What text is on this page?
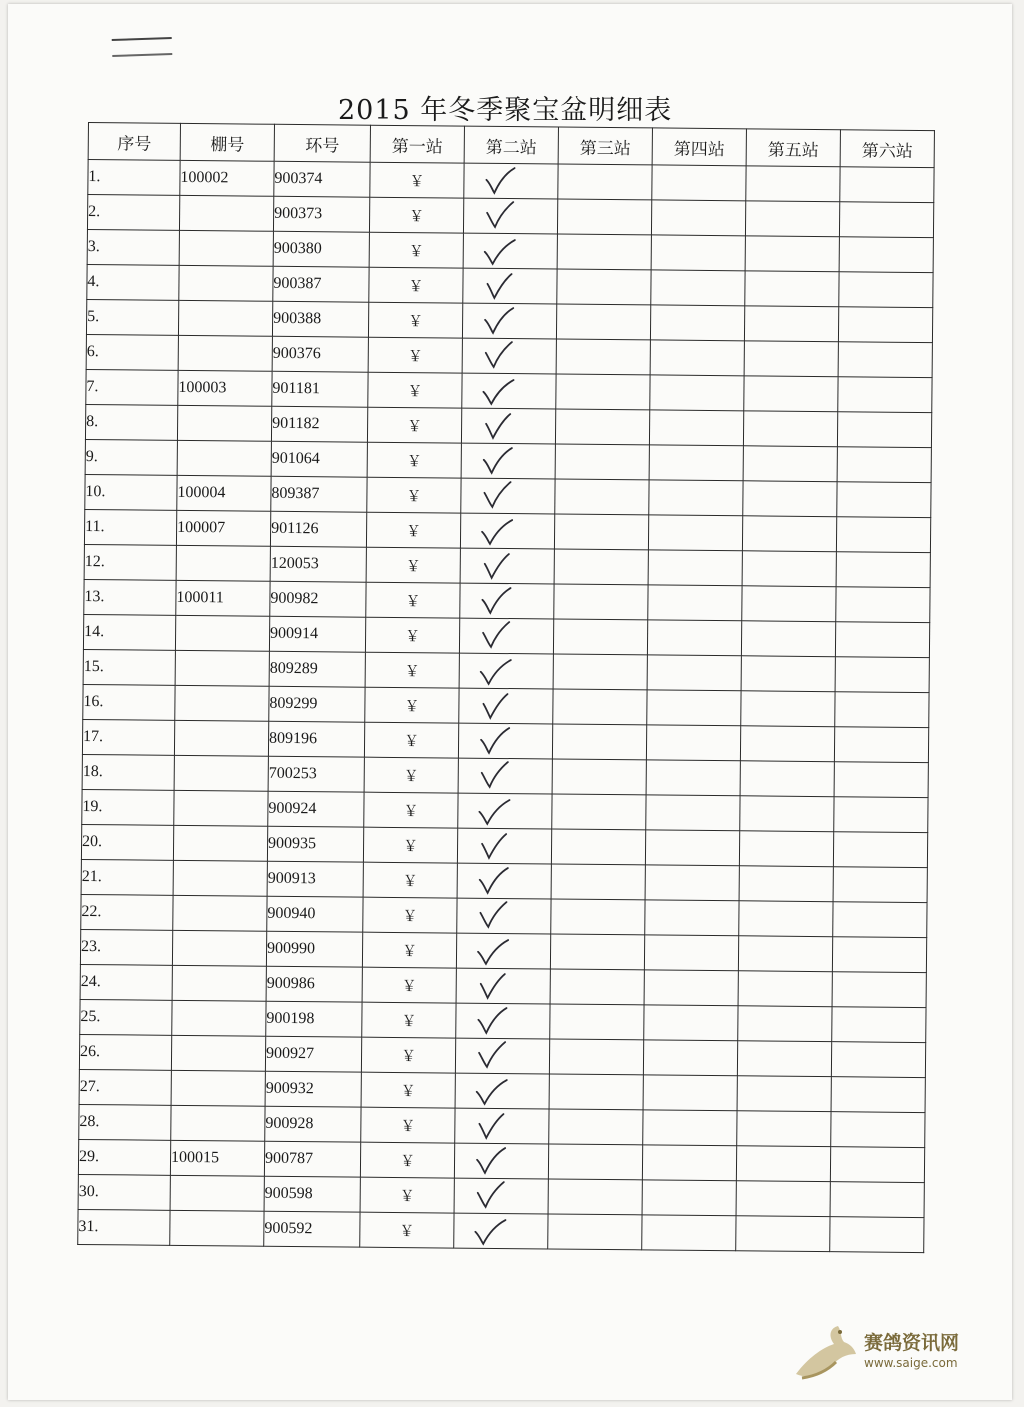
2015 年冬季聚宝盆明细表
序号	棚号	环号	第一站	第二站	第三站	第四站	第五站	第六站
1.	100002	900374	￥	

2.		900373	￥	

3.		900380	￥	

4.		900387	￥	

5.		900388	￥	

6.		900376	￥	

7.	100003	901181	￥	

8.		901182	￥	

9.		901064	￥	

10.	100004	809387	￥	

11.	100007	901126	￥	

12.		120053	￥	

13.	100011	900982	￥	

14.		900914	￥	

15.		809289	￥	

16.		809299	￥	

17.		809196	￥	

18.		700253	￥	

19.		900924	￥	

20.		900935	￥	

21.		900913	￥	

22.		900940	￥	

23.		900990	￥	

24.		900986	￥	

25.		900198	￥	

26.		900927	￥	

27.		900932	￥	

28.		900928	￥	

29.	100015	900787	￥	

30.		900598	￥	

31.		900592	￥	

赛鸽资讯网
www.saige.com
